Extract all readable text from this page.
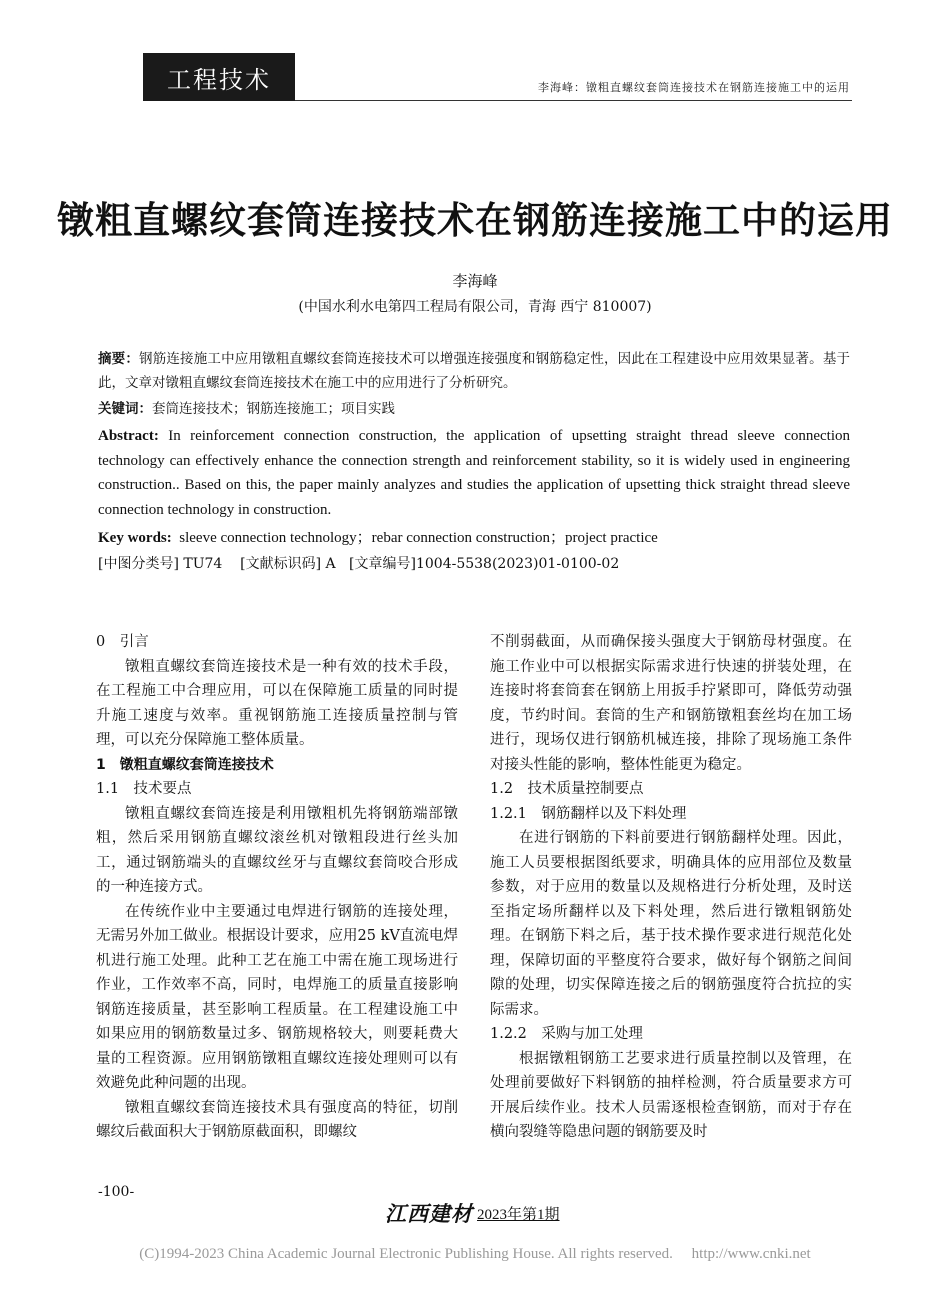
工程技术	李海峰：镦粗直螺纹套筒连接技术在钢筋连接施工中的运用
镦粗直螺纹套筒连接技术在钢筋连接施工中的运用
李海峰
(中国水利水电第四工程局有限公司，青海 西宁 810007)
摘要：钢筋连接施工中应用镦粗直螺纹套筒连接技术可以增强连接强度和钢筋稳定性，因此在工程建设中应用效果显著。基于此，文章对镦粗直螺纹套筒连接技术在施工中的应用进行了分析研究。
关键词：套筒连接技术；钢筋连接施工；项目实践
Abstract: In reinforcement connection construction, the application of upsetting straight thread sleeve connection technology can effectively enhance the connection strength and reinforcement stability, so it is widely used in engineering construction.. Based on this, the paper mainly analyzes and studies the application of upsetting thick straight thread sleeve connection technology in construction.
Key words: sleeve connection technology；rebar connection construction；project practice
[中图分类号] TU74 [文献标识码] A [文章编号]1004-5538(2023)01-0100-02

0　引言

镦粗直螺纹套筒连接技术是一种有效的技术手段，在工程施工中合理应用，可以在保障施工质量的同时提升施工速度与效率。重视钢筋施工连接质量控制与管理，可以充分保障施工整体质量。

1　镦粗直螺纹套筒连接技术

1.1　技术要点

镦粗直螺纹套筒连接是利用镦粗机先将钢筋端部镦粗，然后采用钢筋直螺纹滚丝机对镦粗段进行丝头加工，通过钢筋端头的直螺纹丝牙与直螺纹套筒咬合形成的一种连接方式。

在传统作业中主要通过电焊进行钢筋的连接处理，无需另外加工做业。根据设计要求，应用25 kV直流电焊机进行施工处理。此种工艺在施工中需在施工现场进行作业，工作效率不高，同时，电焊施工的质量直接影响钢筋连接质量，甚至影响工程质量。在工程建设施工中如果应用的钢筋数量过多、钢筋规格较大，则要耗费大量的工程资源。应用钢筋镦粗直螺纹连接处理则可以有效避免此种问题的出现。

镦粗直螺纹套筒连接技术具有强度高的特征，切削螺纹后截面积大于钢筋原截面积，即螺纹

不削弱截面，从而确保接头强度大于钢筋母材强度。在施工作业中可以根据实际需求进行快速的拼装处理，在连接时将套筒套在钢筋上用扳手拧紧即可，降低劳动强度，节约时间。套筒的生产和钢筋镦粗套丝均在加工场进行，现场仅进行钢筋机械连接，排除了现场施工条件对接头性能的影响，整体性能更为稳定。

1.2　技术质量控制要点

1.2.1　钢筋翻样以及下料处理

在进行钢筋的下料前要进行钢筋翻样处理。因此，施工人员要根据图纸要求，明确具体的应用部位及数量参数，对于应用的数量以及规格进行分析处理，及时送至指定场所翻样以及下料处理，然后进行镦粗钢筋处理。在钢筋下料之后，基于技术操作要求进行规范化处理，保障切面的平整度符合要求，做好每个钢筋之间间隙的处理，切实保障连接之后的钢筋强度符合抗拉的实际需求。

1.2.2　采购与加工处理

根据镦粗钢筋工艺要求进行质量控制以及管理，在处理前要做好下料钢筋的抽样检测，符合质量要求方可开展后续作业。技术人员需逐根检查钢筋，而对于存在横向裂缝等隐患问题的钢筋要及时

-100-
江西建材 2023年第1期
(C)1994-2023 China Academic Journal Electronic Publishing House. All rights reserved.　 http://www.cnki.net
